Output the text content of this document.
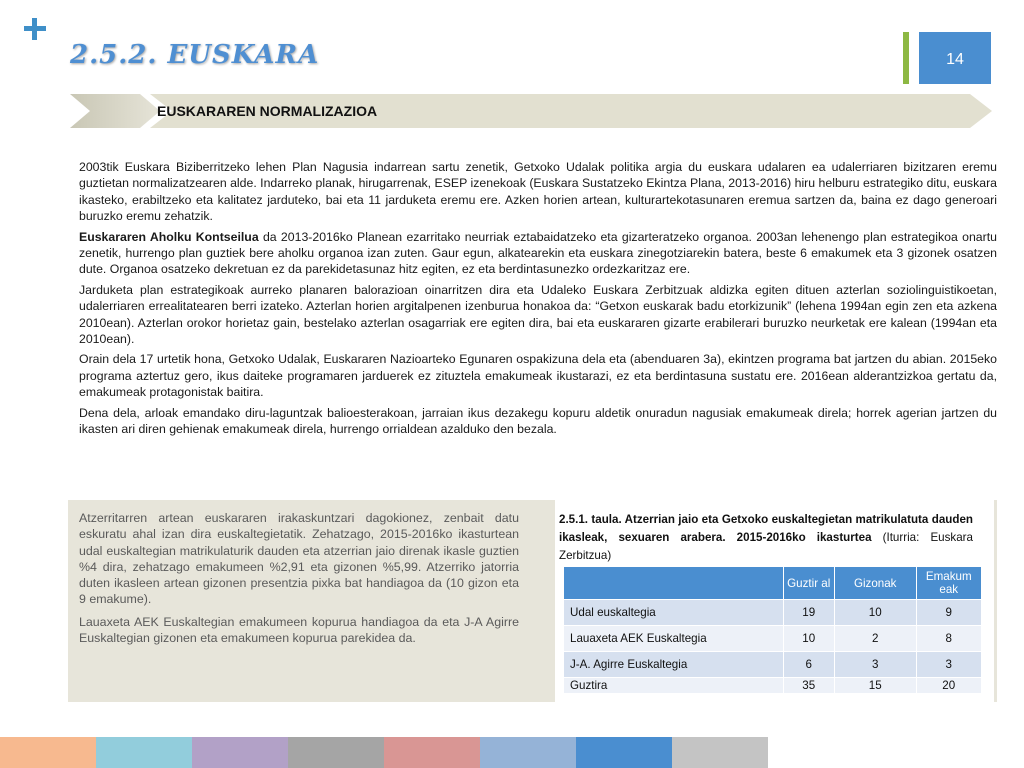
2.5.2. EUSKARA	14
EUSKARAREN NORMALIZAZIOA

2003tik Euskara Biziberritzeko lehen Plan Nagusia indarrean sartu zenetik, Getxoko Udalak politika argia du euskara udalaren ea udalerriaren bizitzaren eremu guztietan normalizatzearen alde. Indarreko planak, hirugarrenak, ESEP izenekoak (Euskara Sustatzeko Ekintza Plana, 2013-2016) hiru helburu estrategiko ditu, euskara ikasteko, erabiltzeko eta kalitatez jarduteko, bai eta 11 jarduketa eremu ere. Azken horien artean, kulturartekotasunaren eremua sartzen da, baina ez dago generoari buruzko eremu zehatzik.

Euskararen Aholku Kontseilua da 2013-2016ko Planean ezarritako neurriak eztabaidatzeko eta gizarteratzeko organoa. 2003an lehenengo plan estrategikoa onartu zenetik, hurrengo plan guztiek bere aholku organoa izan zuten. Gaur egun, alkatearekin eta euskara zinegotziarekin batera, beste 6 emakumek eta 3 gizonek osatzen dute. Organoa osatzeko dekretuan ez da parekidetasunaz hitz egiten, ez eta berdintasunezko ordezkaritzaz ere.

Jarduketa plan estrategikoak aurreko planaren balorazioan oinarritzen dira eta Udaleko Euskara Zerbitzuak aldizka egiten dituen azterlan soziolinguistikoetan, udalerriaren errealitatearen berri izateko. Azterlan horien argitalpenen izenburua honakoa da: “Getxon euskarak badu etorkizunik” (lehena 1994an egin zen eta azkena 2010ean). Azterlan orokor horietaz gain, bestelako azterlan osagarriak ere egiten dira, bai eta euskararen gizarte erabilerari buruzko neurketak ere kalean (1994an eta 2010ean).

Orain dela 17 urtetik hona, Getxoko Udalak, Euskararen Nazioarteko Egunaren ospakizuna dela eta (abenduaren 3a), ekintzen programa bat jartzen du abian. 2015eko programa aztertuz gero, ikus daiteke programaren jarduerek ez zituztela emakumeak ikustarazi, ez eta berdintasuna sustatu ere. 2016ean alderantzizkoa gertatu da, emakumeak protagonistak baitira.

Dena dela, arloak emandako diru-laguntzak balioesterakoan, jarraian ikus dezakegu kopuru aldetik onuradun nagusiak emakumeak direla; horrek agerian jartzen du ikasten ari diren gehienak emakumeak direla, hurrengo orrialdean azalduko den bezala.

Atzerritarren artean euskararen irakaskuntzari dagokionez, zenbait datu eskuratu ahal izan dira euskaltegietatik. Zehatzago, 2015-2016ko ikasturtean udal euskaltegian matrikulaturik dauden eta atzerrian jaio direnak ikasle guztien %4 dira, zehatzago emakumeen %2,91 eta gizonen %5,99. Atzerriko jatorria duten ikasleen artean gizonen presentzia pixka bat handiagoa da (10 gizon eta 9 emakume).

Lauaxeta AEK Euskaltegian emakumeen kopurua handiagoa da eta J-A Agirre Euskaltegian gizonen eta emakumeen kopurua parekidea da.

2.5.1. taula. Atzerrian jaio eta Getxoko euskaltegietan matrikulatuta dauden ikasleak, sexuaren arabera. 2015-2016ko ikasturtea (Iturria: Euskara Zerbitzua)
	Guztir al	Gizonak	Emakum eak
Udal euskaltegia	19	10	9
Lauaxeta AEK Euskaltegia	10	2	8
J-A. Agirre Euskaltegia	6	3	3
Guztira	35	15	20
